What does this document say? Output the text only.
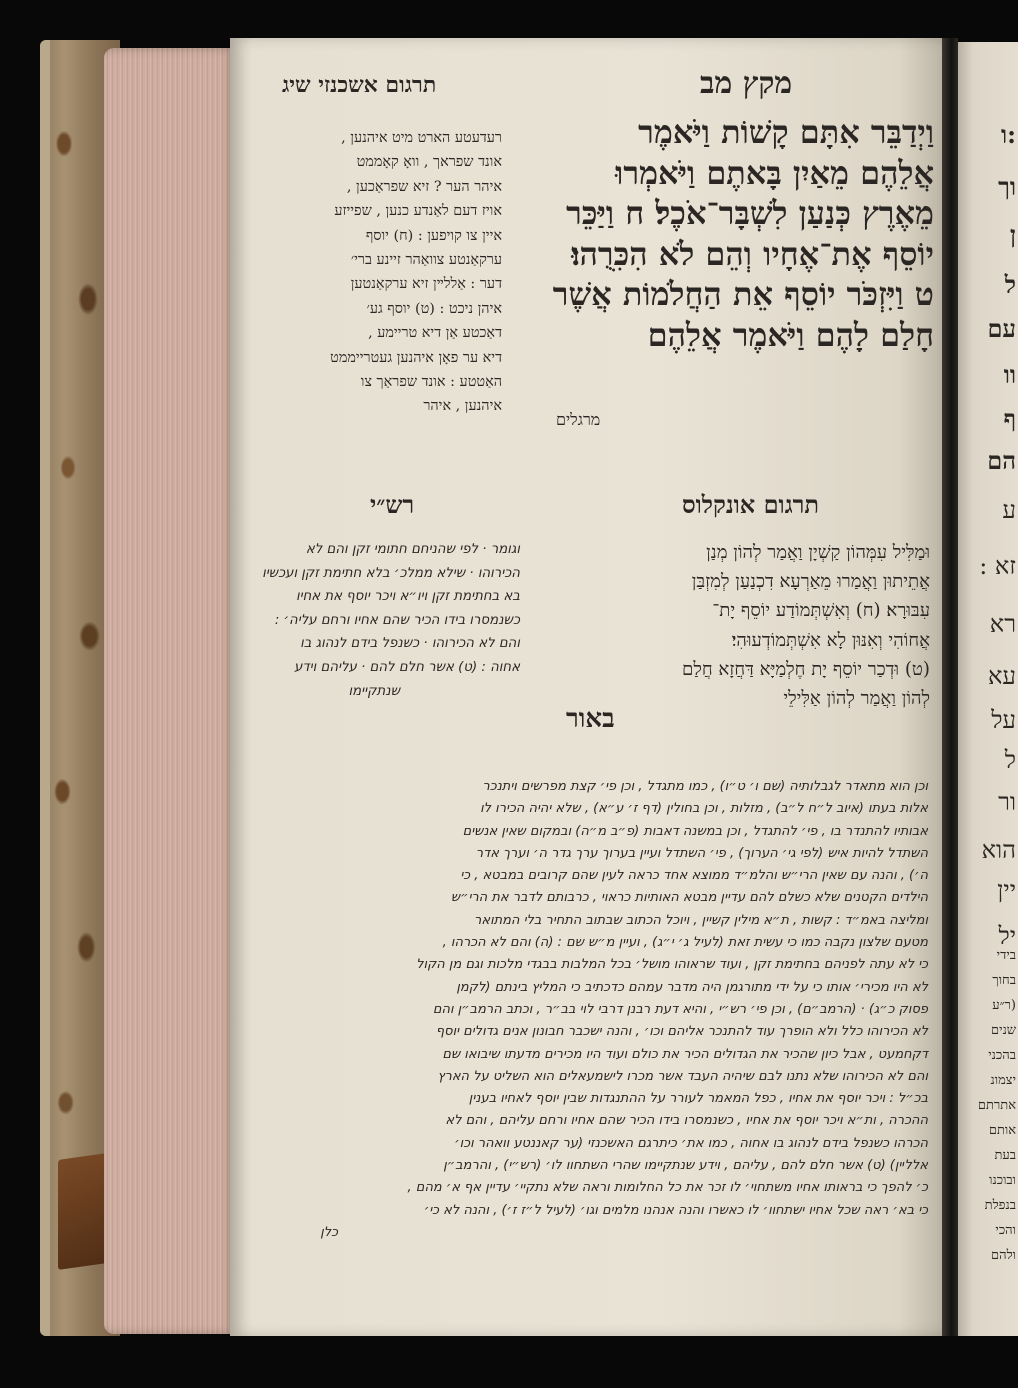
מקץ מב
תרגום אשכנזי שיג
וַיְדַבֵּר אִתָּם קָשׁוֹת וַיֹּאמֶר
אֲלֵהֶם מֵאַיִן בָּאתֶם וַיֹּאמְרוּ
מֵאֶרֶץ כְּנַעַן לִשְׁבָּר־אֹכֶל׃ ח וַיַּכֵּר
יוֹסֵף אֶת־אֶחָיו וְהֵם לֹא הִכִּרֻהוּ׃
ט וַיִּזְכֹּר יוֹסֵף אֵת הַחֲלֹמוֹת אֲשֶׁר
חָלַם לָהֶם וַיֹּאמֶר אֲלֵהֶם
מרגלים
רעדעטע הארט מיט איהנען ,
אונד שפראך , וואָ קאָממט
איהר הער ? זיא שפראַכען ,
אויז דעם לאַנדע כנען , שפייזע
איין צו קויפען : (ח) יוסף
ערקאַנטע צוואַהר זיינע ברי׳
דער : אַללײן זיא ערקאַנטען
איהן ניכט : (ט) יוסף גע׳
דאַכטע אַן דיא טריימע ,
דיא ער פאָן איהנען געטרייממט
האַטטע : אונד שפראַך צו
איהנען , איהר
תרגום אונקלוס
רש״י
וּמַלִּיל עִמְּהוֹן קַשְׁיָן וַאֲמַר לְהוֹן מְנַן
אֲתֵיתוּן וַאֲמַרוּ מֵאַרְעָא דִכְנַעַן לְמִזְבַּן
עִבּוּרָא׃ (ח) וְאִשְׁתְּמוֹדַע יוֹסֵף יָת־
אֲחוֹהִי וְאִנּוּן לָא אִשְׁתְּמוֹדְעוּהִי׃
(ט) וּדְכַר יוֹסֵף יָת חֶלְמַיָּא דַּחֲזָא חֲלַם
לְהוֹן וַאֲמַר לְהוֹן אַלִּילֵי
וגומר · לפי שהניחם חתומי זקן והם לא
הכירוהו · שילא ממלכ׳ בלא חתימת זקן ועכשיו
בא בחתימת זקן ויו״א ויכר יוסף את אחיו
כשנמסרו בידו הכיר שהם אחיו ורחם עליה׳ :
והם לא הכירוהו · כשנפל בידם לנהוג בו
אחוה : (ט) אשר חלם להם · עליהם וידע
שנתקיימו
באור
וכן הוא מתאדר לגבלותיה (שם ו׳ ט״ו) , כמו מתגדל , וכן פי׳ קצת מפרשים ויתנכר
אלות בעתו (איוב ל״ח ל״ב) , מזלות , וכן בחולין (דף ז׳ ע״א) , שלא יהיה הכירו לו
אבותיו להתנדר בו , פי׳ להתגדל , וכן במשנה דאבות (פ״ב מ״ה) ובמקום שאין אנשים
השתדל להיות איש (לפי גי׳ הערוך) , פי׳ השתדל ועיין בערוך ערך גדר ה׳ וערך אדר
ה׳) , והנה עם שאין הרי״ש והלמ״ד ממוצא אחד כראה לעין שהם קרובים במבטא , כי
הילדים הקטנים שלא כשלם להם עדיין מבטא האותיות כראוי , כרבותם לדבר את הרי״ש
ומליצה באמ״ד : קשות , ת״א מילין קשיין , ויוכל הכתוב שבתוב התחיר בלי המתואר
מטעם שלצון נקבה כמו כי עשית זאת (לעיל ג׳ י״ג) , ועיין מ״ש שם : (ה) והם לא הכרהו ,
כי לא עתה לפניהם בחתימת זקן , ועוד שראוהו מושל׳ בכל המלבות בבגדי מלכות וגם מן הקול
לא היו מכירי׳ אותו כי על ידי מתורגמן היה מדבר עמהם כדכתיב כי המליץ בינתם (לקמן
פסוק כ״ג) · (הרמב״ם) , וכן פי׳ רש״י , והיא דעת רבנן דרבי לוי בב״ר , וכתב הרמב״ן והם
לא הכירוהו כלל ולא הופרך עוד להתנכר אליהם וכו׳ , והנה ישכבר חבונון אנים גדולים יוסף
דקחמעט , אבל כיון שהכיר את הגדולים הכיר את כולם ועוד היו מכירים מדעתו שיבואו שם
והם לא הכירוהו שלא נתנו לבם שיהיה העבד אשר מכרו לישמעאלים הוא השליט על הארץ
בכ״ל : ויכר יוסף את אחיו , כפל המאמר לעורר על ההתנגדות שבין יוסף לאחיו בענין
ההכרה , ות״א ויכר יוסף את אחיו , כשנמסרו בידו הכיר שהם אחיו ורחם עליהם , והם לא
הכרהו כשנפל בידם לנהוג בו אחוה , כמו את׳ כיתרגם האשכנזי (ער קאננטע וואהר וכו׳
אללײן) (ט) אשר חלם להם , עליהם , וידע שנתקיימו שהרי השתחוו לו׳ (רש״י) , והרמב״ן
כ׳ להפך כי בראותו אחיו משתחוי׳ לו זכר את כל החלומות וראה שלא נתקיי׳ עדיין אף א׳ מהם ,
כי בא׳ ראה שכל אחיו ישתחוו׳ לו כאשרו והנה אנהנו מלמים וגו׳ (לעיל ל״ז ז׳) , והנה לא כי׳
כלן
:ו
וך
ן
ל
עם
וו
ף
הם
ע
זא :
רא
עא
על
ל
ור
הוא
יין
יל
בידי
בחוך
(ר״ע
שנים
בהכני
יצמונ
אתרתם
אותם
בעת
ובוכנו
בנפלת
והכי
ולהם
